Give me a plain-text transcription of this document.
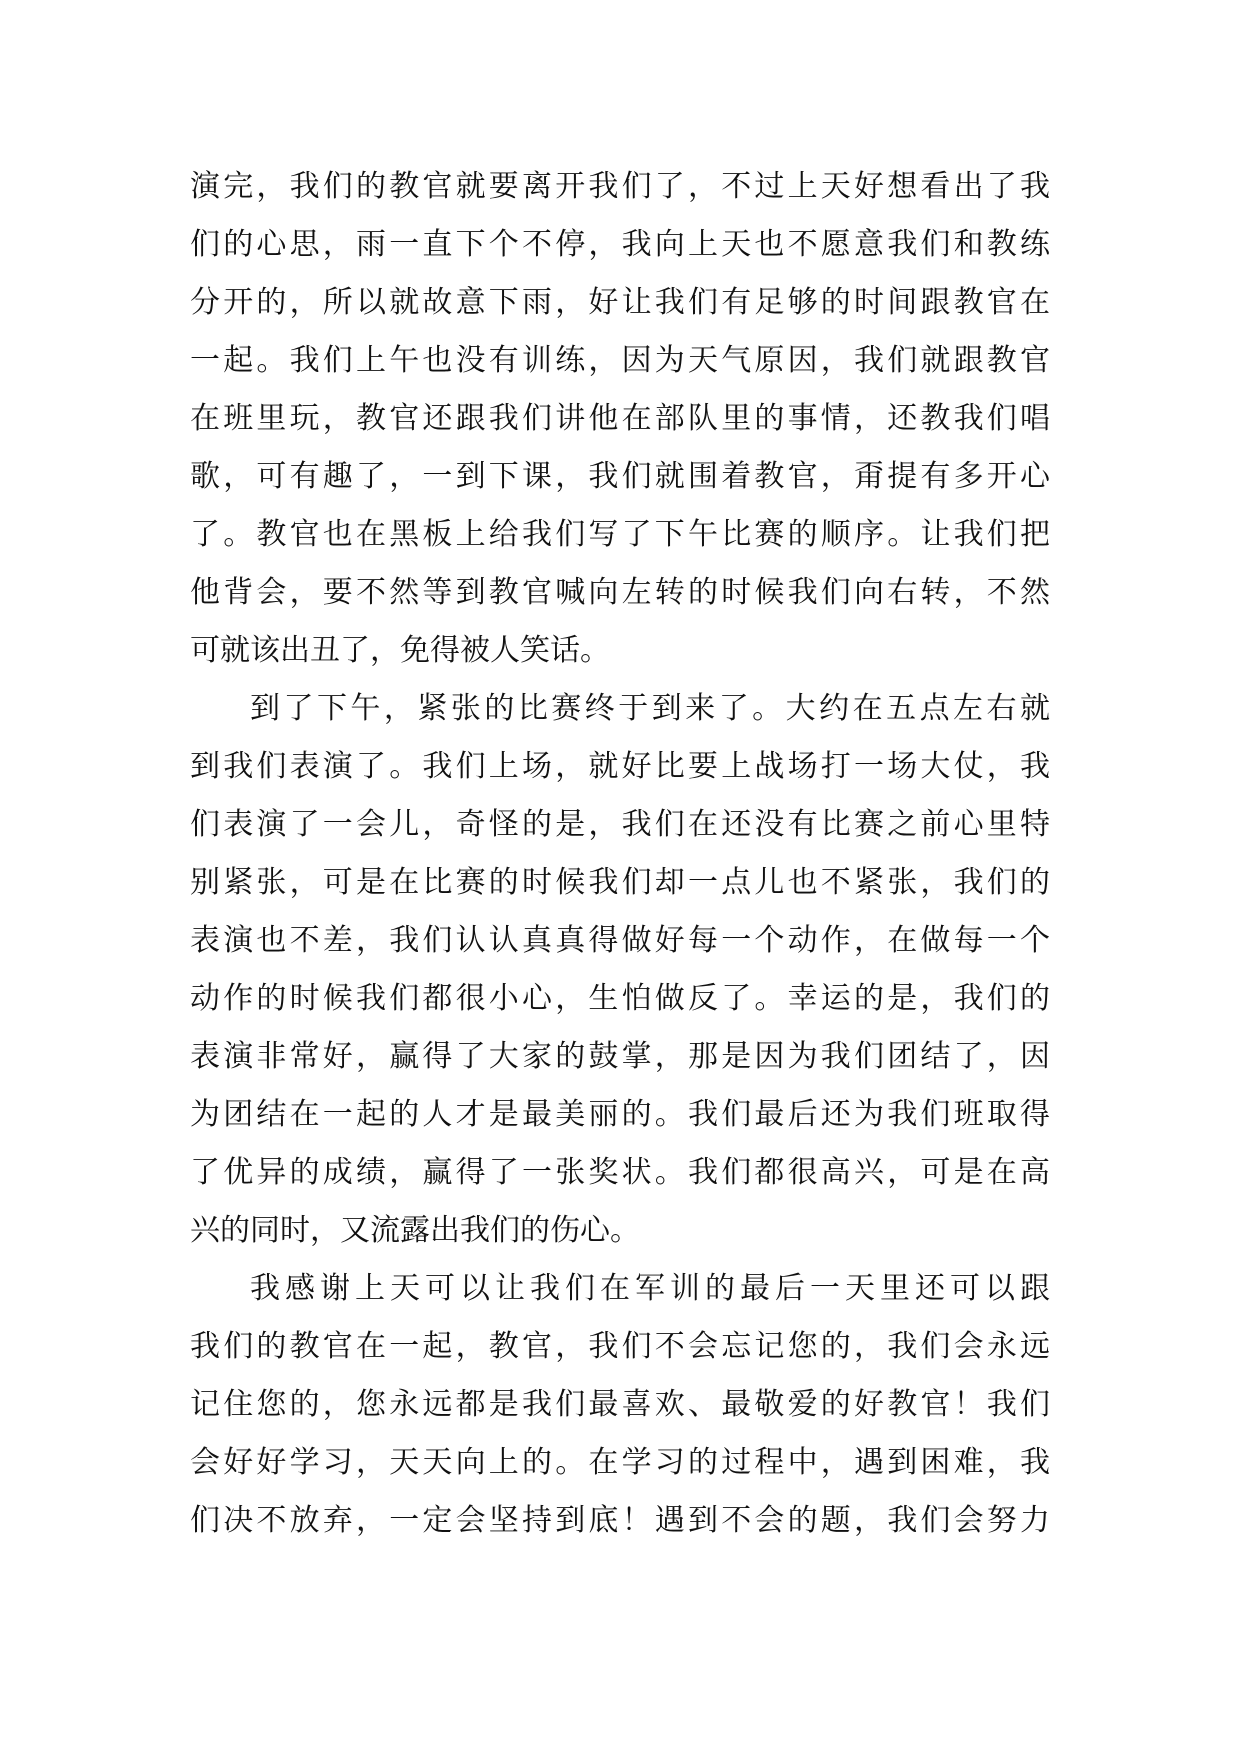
演完，我们的教官就要离开我们了，不过上天好想看出了我
们的心思，雨一直下个不停，我向上天也不愿意我们和教练
分开的，所以就故意下雨，好让我们有足够的时间跟教官在
一起。我们上午也没有训练，因为天气原因，我们就跟教官
在班里玩，教官还跟我们讲他在部队里的事情，还教我们唱
歌，可有趣了，一到下课，我们就围着教官，甭提有多开心
了。教官也在黑板上给我们写了下午比赛的顺序。让我们把
他背会，要不然等到教官喊向左转的时候我们向右转，不然
可就该出丑了，免得被人笑话。
到了下午，紧张的比赛终于到来了。大约在五点左右就
到我们表演了。我们上场，就好比要上战场打一场大仗，我
们表演了一会儿，奇怪的是，我们在还没有比赛之前心里特
别紧张，可是在比赛的时候我们却一点儿也不紧张，我们的
表演也不差，我们认认真真得做好每一个动作，在做每一个
动作的时候我们都很小心，生怕做反了。幸运的是，我们的
表演非常好，赢得了大家的鼓掌，那是因为我们团结了，因
为团结在一起的人才是最美丽的。我们最后还为我们班取得
了优异的成绩，赢得了一张奖状。我们都很高兴，可是在高
兴的同时，又流露出我们的伤心。
我感谢上天可以让我们在军训的最后一天里还可以跟
我们的教官在一起，教官，我们不会忘记您的，我们会永远
记住您的，您永远都是我们最喜欢、最敬爱的好教官！我们
会好好学习，天天向上的。在学习的过程中，遇到困难，我
们决不放弃，一定会坚持到底！遇到不会的题，我们会努力
